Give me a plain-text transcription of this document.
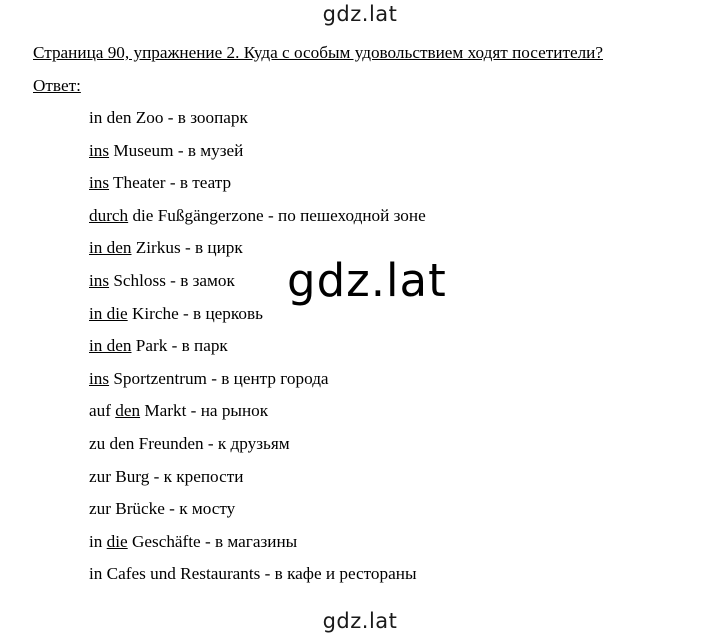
gdz.lat
Страница 90, упражнение 2. Куда с особым удовольствием ходят посетители?
Ответ:
in den Zoo - в зоопарк
ins Museum - в музей
ins Theater - в театр
durch die Fußgängerzone - по пешеходной зоне
in den Zirkus - в цирк
ins Schloss - в замок
in die Kirche - в церковь
in den Park - в парк
ins Sportzentrum - в центр города
auf den Markt - на рынок
zu den Freunden - к друзьям
zur Burg - к крепости
zur Brücke - к мосту
in die Geschäfte - в магазины
in Cafes und Restaurants - в кафе и рестораны
gdz.lat
gdz.lat
